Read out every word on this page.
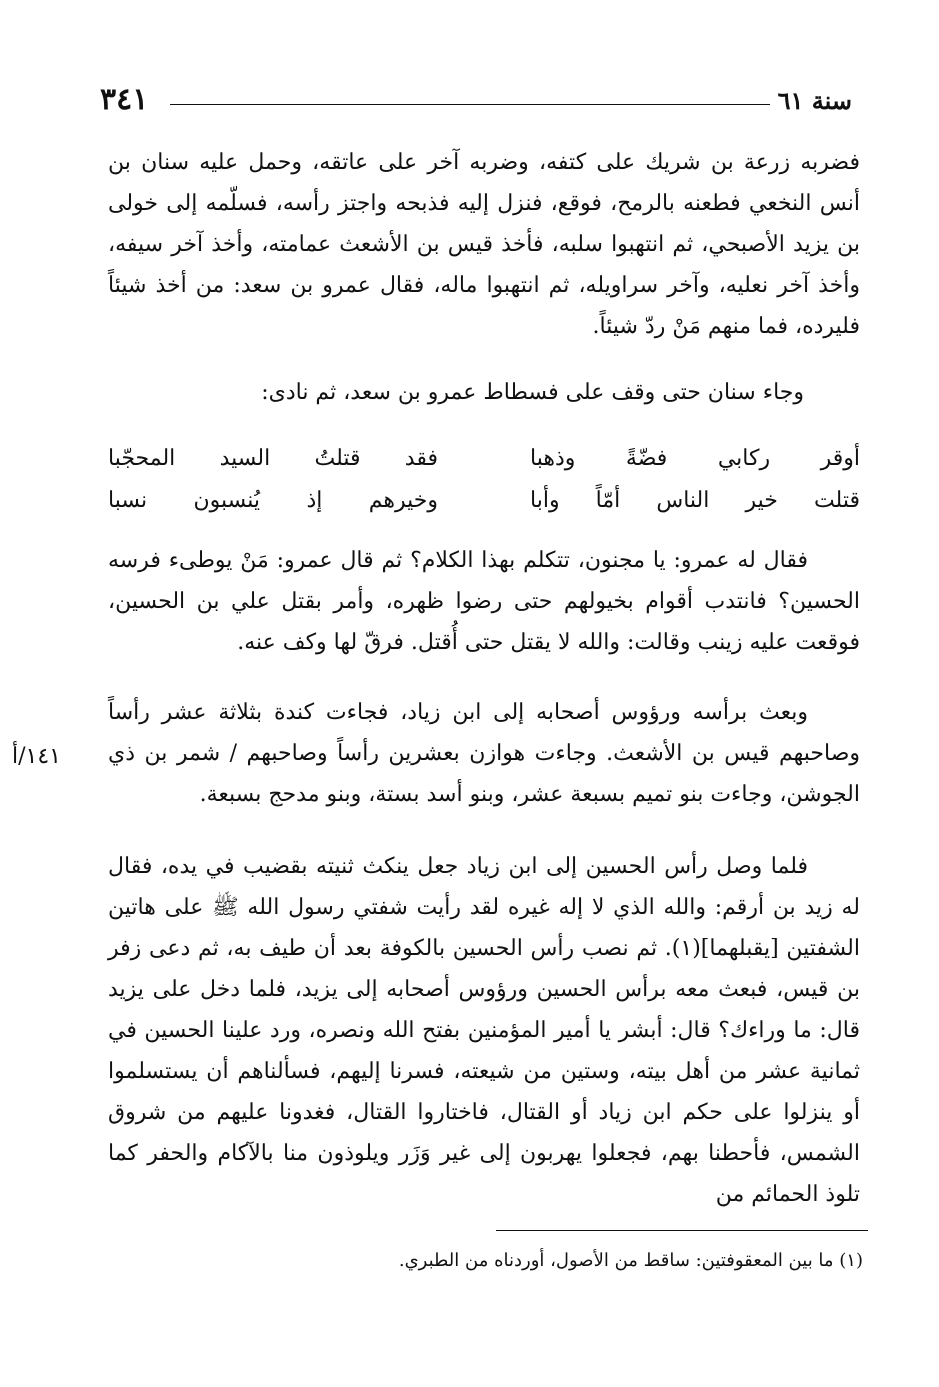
٣٤١	سنة ٦١

فضربه زرعة بن شريك على كتفه، وضربه آخر على عاتقه، وحمل عليه سنان بن أنس النخعي فطعنه بالرمح، فوقع، فنزل إليه فذبحه واجتز رأسه، فسلّمه إلى خولى بن يزيد الأصبحي، ثم انتهبوا سلبه، فأخذ قيس بن الأشعث عمامته، وأخذ آخر سيفه، وأخذ آخر نعليه، وآخر سراويله، ثم انتهبوا ماله، فقال عمرو بن سعد: من أخذ شيئاً فليرده، فما منهم مَنْ ردّ شيئاً.

وجاء سنان حتى وقف على فسطاط عمرو بن سعد، ثم نادى:

أوقر ركابي فضّةً وذهبا
فقد قتلتُ السيد المحجّبا
قتلت خير الناس أمّاً وأبا
وخيرهم إذ يُنسبون نسبا

فقال له عمرو: يا مجنون، تتكلم بهذا الكلام؟ ثم قال عمرو: مَنْ يوطىء فرسه الحسين؟ فانتدب أقوام بخيولهم حتى رضوا ظهره، وأمر بقتل علي بن الحسين، فوقعت عليه زينب وقالت: والله لا يقتل حتى أُقتل. فرقّ لها وكف عنه.

وبعث برأسه ورؤوس أصحابه إلى ابن زياد، فجاءت كندة بثلاثة عشر رأساً وصاحبهم قيس بن الأشعث. وجاءت هوازن بعشرين رأساً وصاحبهم / شمر بن ذي الجوشن، وجاءت بنو تميم بسبعة عشر، وبنو أسد بستة، وبنو مدحج بسبعة.

١٤١/أ

فلما وصل رأس الحسين إلى ابن زياد جعل ينكث ثنيته بقضيب في يده، فقال له زيد بن أرقم: والله الذي لا إله غيره لقد رأيت شفتي رسول الله ﷺ على هاتين الشفتين [يقبلهما](١). ثم نصب رأس الحسين بالكوفة بعد أن طيف به، ثم دعى زفر بن قيس، فبعث معه برأس الحسين ورؤوس أصحابه إلى يزيد، فلما دخل على يزيد قال: ما وراءك؟ قال: أبشر يا أمير المؤمنين بفتح الله ونصره، ورد علينا الحسين في ثمانية عشر من أهل بيته، وستين من شيعته، فسرنا إليهم، فسألناهم أن يستسلموا أو ينزلوا على حكم ابن زياد أو القتال، فاختاروا القتال، فغدونا عليهم من شروق الشمس، فأحطنا بهم، فجعلوا يهربون إلى غير وَزَر ويلوذون منا بالآكام والحفر كما تلوذ الحمائم من

(١) ما بين المعقوفتين: ساقط من الأصول، أوردناه من الطبري.
